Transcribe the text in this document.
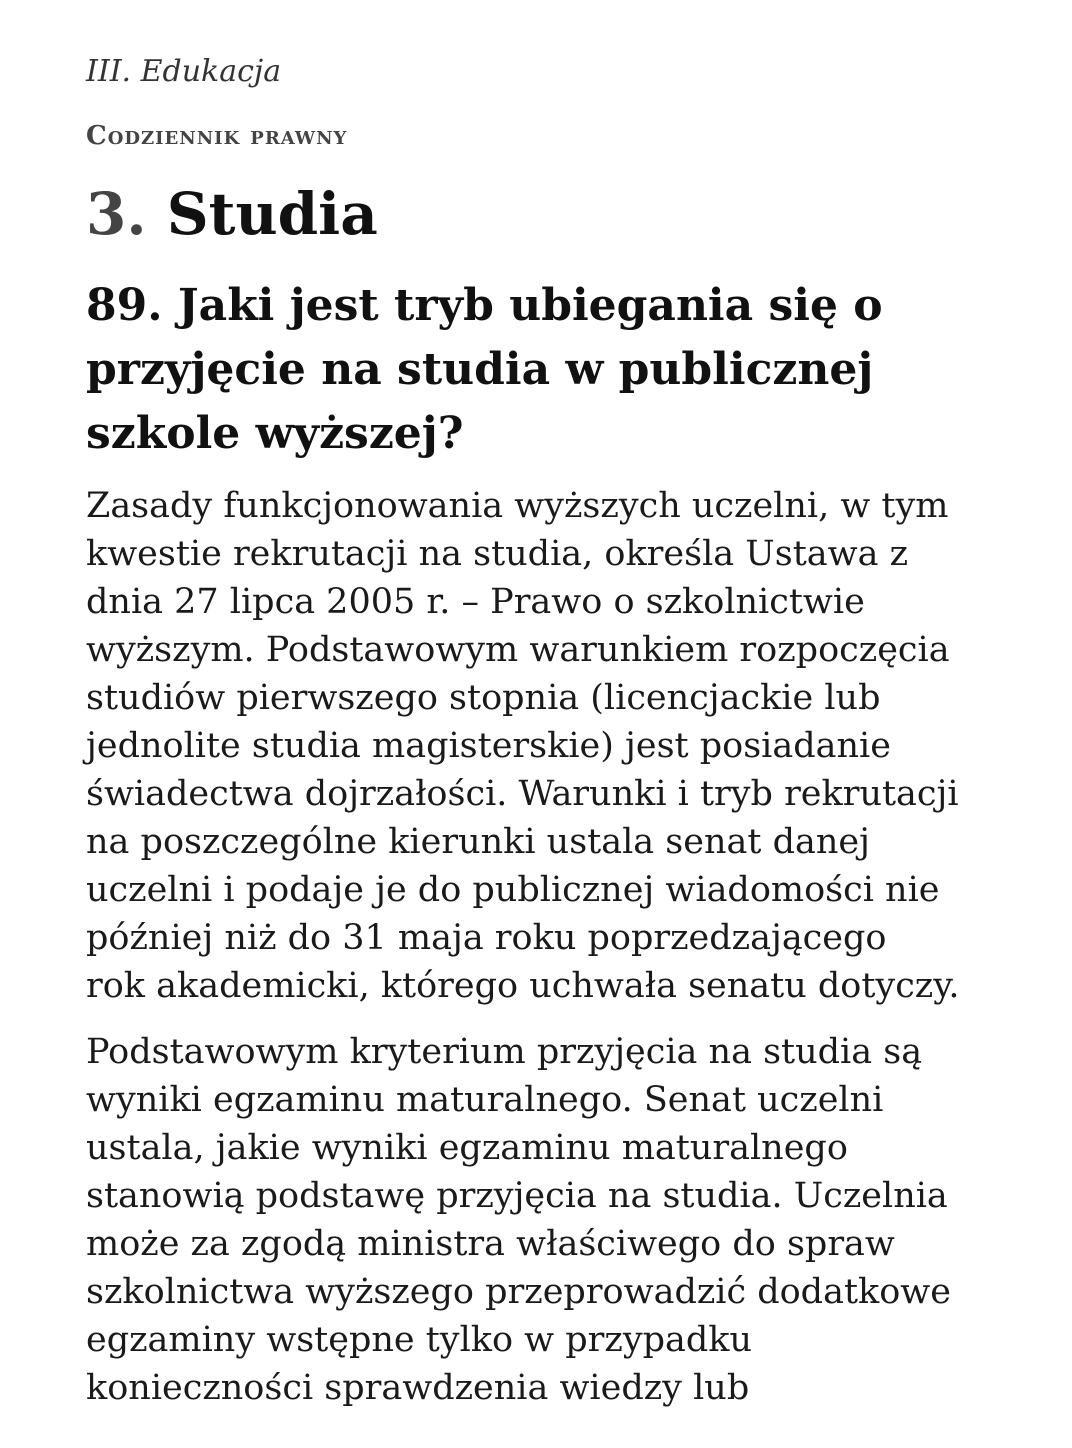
III. Edukacja
Codziennik prawny
3. Studia
89. Jaki jest tryb ubiegania się o
przyjęcie na studia w publicznej
szkole wyższej?
Zasady funkcjonowania wyższych uczelni, w tym
kwestie rekrutacji na studia, określa Ustawa z
dnia 27 lipca 2005 r. – Prawo o szkolnictwie
wyższym. Podstawowym warunkiem rozpoczęcia
studiów pierwszego stopnia (licencjackie lub
jednolite studia magisterskie) jest posiadanie
świadectwa dojrzałości. Warunki i tryb rekrutacji
na poszczególne kierunki ustala senat danej
uczelni i podaje je do publicznej wiadomości nie
później niż do 31 maja roku poprzedzającego
rok akademicki, którego uchwała senatu dotyczy.
Podstawowym kryterium przyjęcia na studia są
wyniki egzaminu maturalnego. Senat uczelni
ustala, jakie wyniki egzaminu maturalnego
stanowią podstawę przyjęcia na studia. Uczelnia
może za zgodą ministra właściwego do spraw
szkolnictwa wyższego przeprowadzić dodatkowe
egzaminy wstępne tylko w przypadku
konieczności sprawdzenia wiedzy lub
